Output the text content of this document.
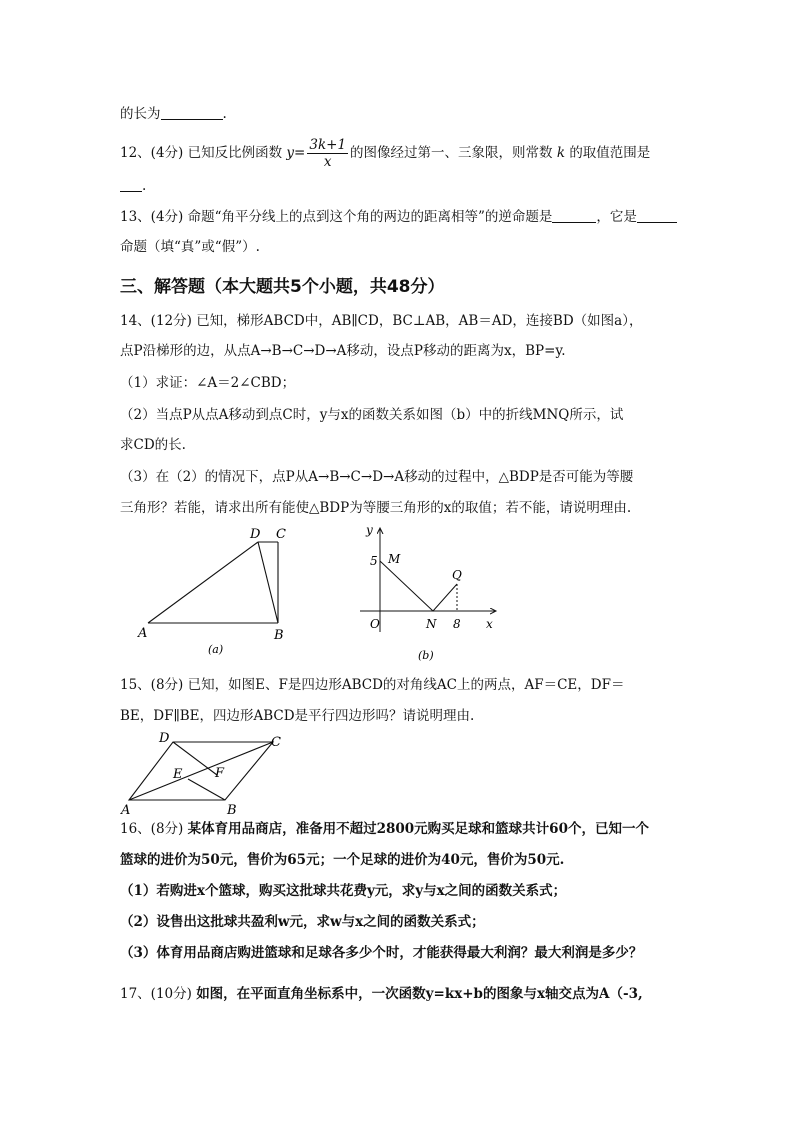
的长为	.
12、(4分) 已知反比例函数 $y= \frac{3k+1}{x}$ 的图像经过第一、三象限，则常数 k 的取值范围是
.
13、(4分) 命题“角平分线上的点到这个角的两边的距离相等”的逆命题是	，它是
命题（填“真”或“假”）.
三、解答题（本大题共5个小题，共48分）
14、(12分) 已知，梯形ABCD中，AB∥CD，BC⊥AB，AB＝AD，连接BD（如图a），
点P沿梯形的边，从点A→B→C→D→A移动，设点P移动的距离为x，BP=y.
（1）求证：∠A＝2∠CBD；
（2）当点P从点A移动到点C时，y与x的函数关系如图（b）中的折线MNQ所示，试
求CD的长.
（3）在（2）的情况下，点P从A→B→C→D→A移动的过程中，△BDP是否可能为等腰
三角形？若能，请求出所有能使△BDP为等腰三角形的x的取值；若不能，请说明理由.
D C
A	B
(a)
y
5 M
Q
O	N 8 x
(b)
15、(8分) 已知，如图E、F是四边形ABCD的对角线AC上的两点，AF＝CE，DF＝
BE，DF∥BE，四边形ABCD是平行四边形吗？请说明理由.
D	C
E	F
A	B
16、(8分) 某体育用品商店，准备用不超过2800元购买足球和篮球共计60个，已知一个
篮球的进价为50元，售价为65元；一个足球的进价为40元，售价为50元.
（1）若购进x个篮球，购买这批球共花费y元，求y与x之间的函数关系式；
（2）设售出这批球共盈利w元，求w与x之间的函数关系式；
（3）体育用品商店购进篮球和足球各多少个时，才能获得最大利润？最大利润是多少？
17、(10分) 如图，在平面直角坐标系中，一次函数y=kx+b的图象与x轴交点为A（-3,
